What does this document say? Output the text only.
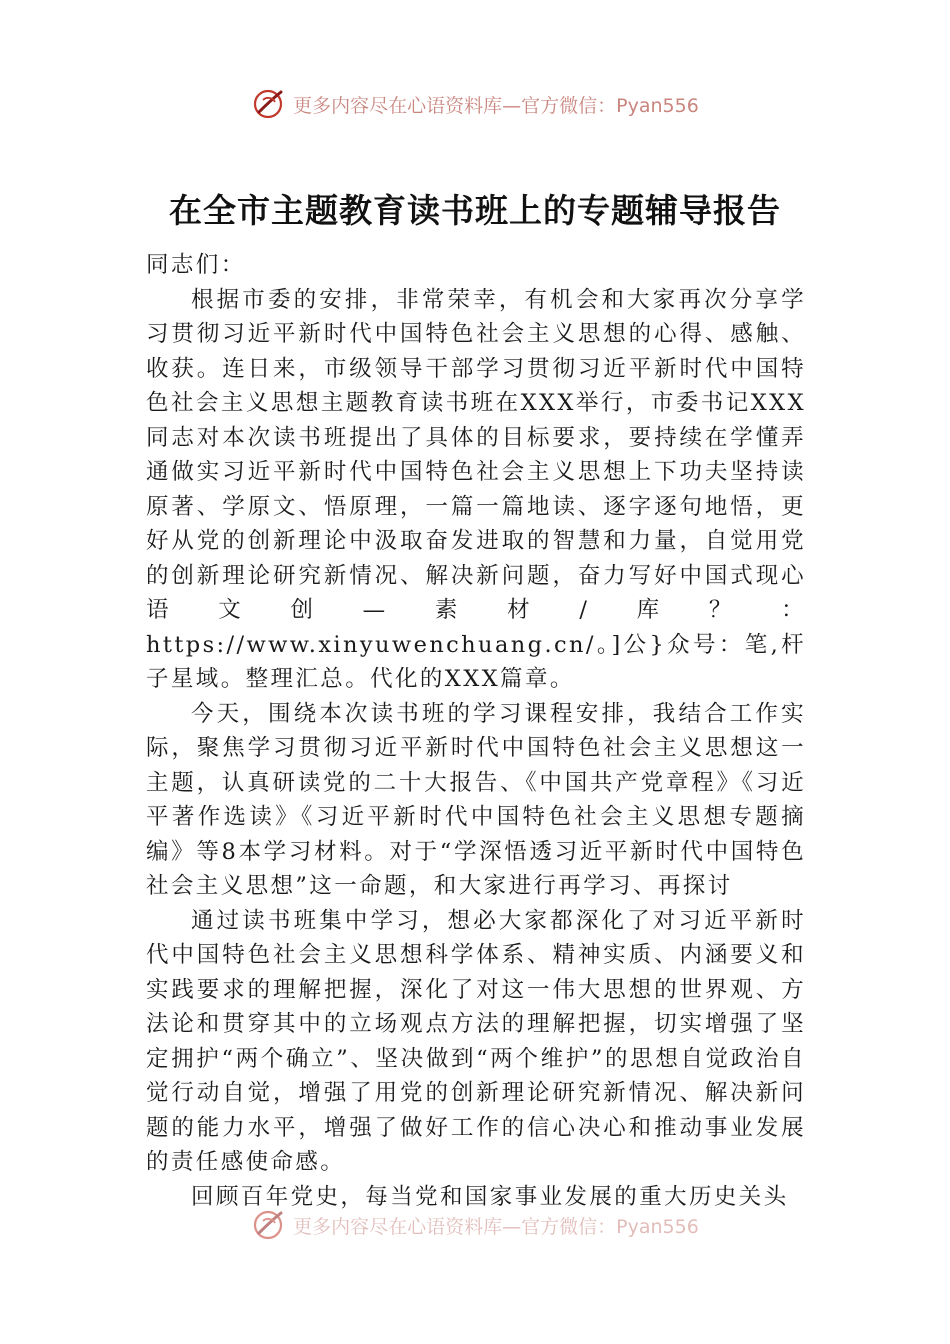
更多内容尽在心语资料库—官方微信：Pyan556
在全市主题教育读书班上的专题辅导报告

同志们：

根据市委的安排，非常荣幸，有机会和大家再次分享学习贯彻习近平新时代中国特色社会主义思想的心得、感触、收获。连日来，市级领导干部学习贯彻习近平新时代中国特色社会主义思想主题教育读书班在XXX举行，市委书记XXX同志对本次读书班提出了具体的目标要求，要持续在学懂弄通做实习近平新时代中国特色社会主义思想上下功夫坚持读原著、学原文、悟原理，一篇一篇地读、逐字逐句地悟，更好从党的创新理论中汲取奋发进取的智慧和力量，自觉用党的创新理论研究新情况、解决新问题，奋力写好中国式现心语文创—素材/库？：https://www.xinyuwenchuang.cn/。]公}众号：笔,杆子星域。整理汇总。代化的XXX篇章。

今天，围绕本次读书班的学习课程安排，我结合工作实际，聚焦学习贯彻习近平新时代中国特色社会主义思想这一主题，认真研读党的二十大报告、《中国共产党章程》《习近平著作选读》《习近平新时代中国特色社会主义思想专题摘编》等8本学习材料。对于“学深悟透习近平新时代中国特色社会主义思想”这一命题，和大家进行再学习、再探讨

通过读书班集中学习，想必大家都深化了对习近平新时代中国特色社会主义思想科学体系、精神实质、内涵要义和实践要求的理解把握，深化了对这一伟大思想的世界观、方法论和贯穿其中的立场观点方法的理解把握，切实增强了坚定拥护“两个确立”、坚决做到“两个维护”的思想自觉政治自觉行动自觉，增强了用党的创新理论研究新情况、解决新问题的能力水平，增强了做好工作的信心决心和推动事业发展的责任感使命感。

回顾百年党史，每当党和国家事业发展的重大历史关头

更多内容尽在心语资料库—官方微信：Pyan556
